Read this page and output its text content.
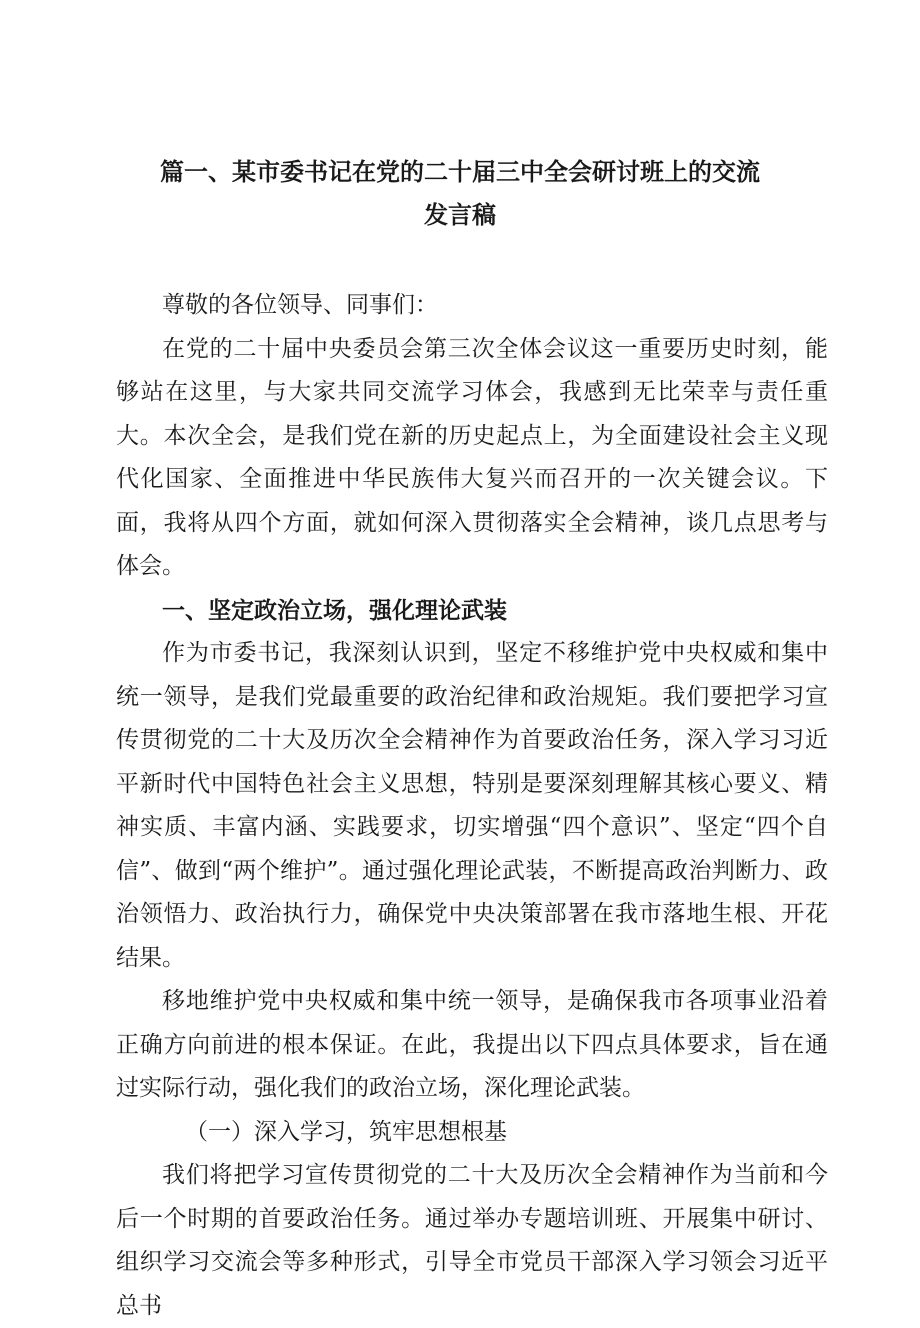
篇一、某市委书记在党的二十届三中全会研讨班上的交流
发言稿

尊敬的各位领导、同事们：

在党的二十届中央委员会第三次全体会议这一重要历史时刻，能够站在这里，与大家共同交流学习体会，我感到无比荣幸与责任重大。本次全会，是我们党在新的历史起点上，为全面建设社会主义现代化国家、全面推进中华民族伟大复兴而召开的一次关键会议。下面，我将从四个方面，就如何深入贯彻落实全会精神，谈几点思考与体会。

一、坚定政治立场，强化理论武装

作为市委书记，我深刻认识到，坚定不移维护党中央权威和集中统一领导，是我们党最重要的政治纪律和政治规矩。我们要把学习宣传贯彻党的二十大及历次全会精神作为首要政治任务，深入学习习近平新时代中国特色社会主义思想，特别是要深刻理解其核心要义、精神实质、丰富内涵、实践要求，切实增强“四个意识”、坚定“四个自信”、做到“两个维护”。通过强化理论武装，不断提高政治判断力、政治领悟力、政治执行力，确保党中央决策部署在我市落地生根、开花结果。

移地维护党中央权威和集中统一领导，是确保我市各项事业沿着正确方向前进的根本保证。在此，我提出以下四点具体要求，旨在通过实际行动，强化我们的政治立场，深化理论武装。

（一）深入学习，筑牢思想根基

我们将把学习宣传贯彻党的二十大及历次全会精神作为当前和今后一个时期的首要政治任务。通过举办专题培训班、开展集中研讨、组织学习交流会等多种形式，引导全市党员干部深入学习领会习近平总书
